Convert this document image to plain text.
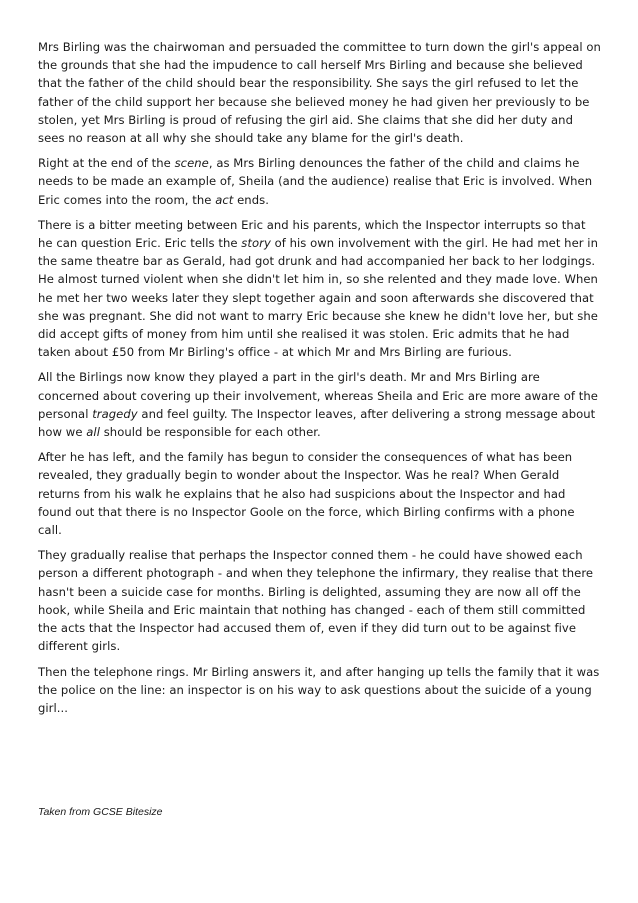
Mrs Birling was the chairwoman and persuaded the committee to turn down the girl's appeal on the grounds that she had the impudence to call herself Mrs Birling and because she believed that the father of the child should bear the responsibility. She says the girl refused to let the father of the child support her because she believed money he had given her previously to be stolen, yet Mrs Birling is proud of refusing the girl aid. She claims that she did her duty and sees no reason at all why she should take any blame for the girl's death.

Right at the end of the scene, as Mrs Birling denounces the father of the child and claims he needs to be made an example of, Sheila (and the audience) realise that Eric is involved. When Eric comes into the room, the act ends.

There is a bitter meeting between Eric and his parents, which the Inspector interrupts so that he can question Eric. Eric tells the story of his own involvement with the girl. He had met her in the same theatre bar as Gerald, had got drunk and had accompanied her back to her lodgings. He almost turned violent when she didn't let him in, so she relented and they made love. When he met her two weeks later they slept together again and soon afterwards she discovered that she was pregnant. She did not want to marry Eric because she knew he didn't love her, but she did accept gifts of money from him until she realised it was stolen. Eric admits that he had taken about £50 from Mr Birling's office - at which Mr and Mrs Birling are furious.

All the Birlings now know they played a part in the girl's death. Mr and Mrs Birling are concerned about covering up their involvement, whereas Sheila and Eric are more aware of the personal tragedy and feel guilty. The Inspector leaves, after delivering a strong message about how we all should be responsible for each other.

After he has left, and the family has begun to consider the consequences of what has been revealed, they gradually begin to wonder about the Inspector. Was he real? When Gerald returns from his walk he explains that he also had suspicions about the Inspector and had found out that there is no Inspector Goole on the force, which Birling confirms with a phone call.

They gradually realise that perhaps the Inspector conned them - he could have showed each person a different photograph - and when they telephone the infirmary, they realise that there hasn't been a suicide case for months. Birling is delighted, assuming they are now all off the hook, while Sheila and Eric maintain that nothing has changed - each of them still committed the acts that the Inspector had accused them of, even if they did turn out to be against five different girls.

Then the telephone rings. Mr Birling answers it, and after hanging up tells the family that it was the police on the line: an inspector is on his way to ask questions about the suicide of a young girl...

Taken from GCSE Bitesize
